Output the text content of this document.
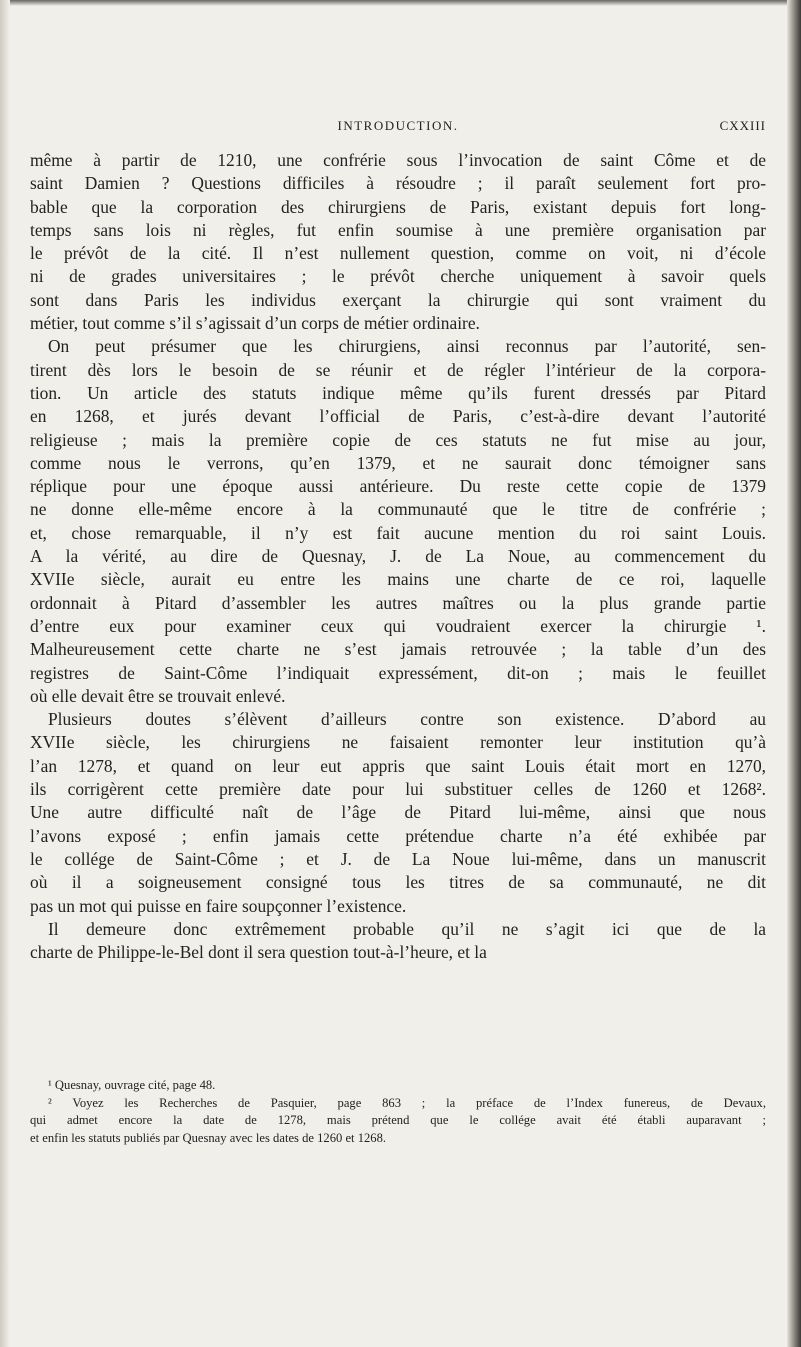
INTRODUCTION.	CXXIII
même à partir de 1210, une confrérie sous l’invocation de saint Côme et de
saint Damien ? Questions difficiles à résoudre ; il paraît seulement fort pro-
bable que la corporation des chirurgiens de Paris, existant depuis fort long-
temps sans lois ni règles, fut enfin soumise à une première organisation par
le prévôt de la cité. Il n’est nullement question, comme on voit, ni d’école
ni de grades universitaires ; le prévôt cherche uniquement à savoir quels
sont dans Paris les individus exerçant la chirurgie qui sont vraiment du
métier, tout comme s’il s’agissait d’un corps de métier ordinaire.
On peut présumer que les chirurgiens, ainsi reconnus par l’autorité, sen-
tirent dès lors le besoin de se réunir et de régler l’intérieur de la corpora-
tion. Un article des statuts indique même qu’ils furent dressés par Pitard
en 1268, et jurés devant l’official de Paris, c’est-à-dire devant l’autorité
religieuse ; mais la première copie de ces statuts ne fut mise au jour,
comme nous le verrons, qu’en 1379, et ne saurait donc témoigner sans
réplique pour une époque aussi antérieure. Du reste cette copie de 1379
ne donne elle-même encore à la communauté que le titre de confrérie ;
et, chose remarquable, il n’y est fait aucune mention du roi saint Louis.
A la vérité, au dire de Quesnay, J. de La Noue, au commencement du
XVIIe siècle, aurait eu entre les mains une charte de ce roi, laquelle
ordonnait à Pitard d’assembler les autres maîtres ou la plus grande partie
d’entre eux pour examiner ceux qui voudraient exercer la chirurgie ¹.
Malheureusement cette charte ne s’est jamais retrouvée ; la table d’un des
registres de Saint-Côme l’indiquait expressément, dit-on ; mais le feuillet
où elle devait être se trouvait enlevé.
Plusieurs doutes s’élèvent d’ailleurs contre son existence. D’abord au
XVIIe siècle, les chirurgiens ne faisaient remonter leur institution qu’à
l’an 1278, et quand on leur eut appris que saint Louis était mort en 1270,
ils corrigèrent cette première date pour lui substituer celles de 1260 et 1268².
Une autre difficulté naît de l’âge de Pitard lui-même, ainsi que nous
l’avons exposé ; enfin jamais cette prétendue charte n’a été exhibée par
le collége de Saint-Côme ; et J. de La Noue lui-même, dans un manuscrit
où il a soigneusement consigné tous les titres de sa communauté, ne dit
pas un mot qui puisse en faire soupçonner l’existence.
Il demeure donc extrêmement probable qu’il ne s’agit ici que de la
charte de Philippe-le-Bel dont il sera question tout-à-l’heure, et la
¹ Quesnay, ouvrage cité, page 48.
² Voyez les Recherches de Pasquier, page 863 ; la préface de l’Index funereus, de Devaux,
qui admet encore la date de 1278, mais prétend que le collége avait été établi auparavant ;
et enfin les statuts publiés par Quesnay avec les dates de 1260 et 1268.
